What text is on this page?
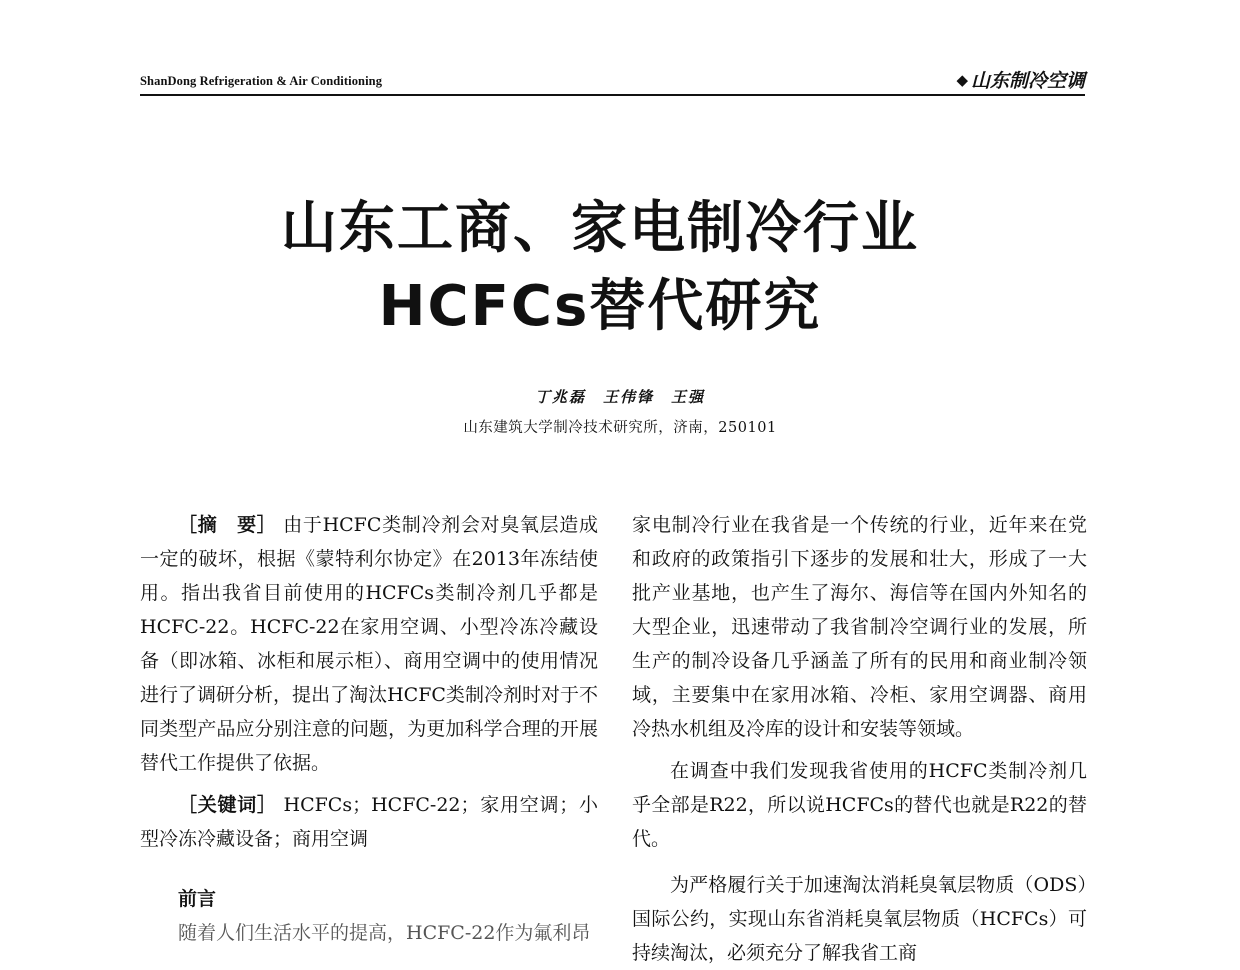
ShanDong Refrigeration & Air Conditioning	◆ 山东制冷空调
山东工商、家电制冷行业
HCFCs替代研究
丁兆磊　王伟锋　王强
山东建筑大学制冷技术研究所，济南，250101

［摘　要］ 由于HCFC类制冷剂会对臭氧层造成一定的破坏，根据《蒙特利尔协定》在2013年冻结使用。指出我省目前使用的HCFCs类制冷剂几乎都是HCFC-22。HCFC-22在家用空调、小型冷冻冷藏设备（即冰箱、冰柜和展示柜）、商用空调中的使用情况进行了调研分析，提出了淘汰HCFC类制冷剂时对于不同类型产品应分别注意的问题，为更加科学合理的开展替代工作提供了依据。

［关键词］ HCFCs；HCFC-22；家用空调；小型冷冻冷藏设备；商用空调

前言

随着人们生活水平的提高，HCFC-22作为氟利昂

家电制冷行业在我省是一个传统的行业，近年来在党和政府的政策指引下逐步的发展和壮大，形成了一大批产业基地，也产生了海尔、海信等在国内外知名的大型企业，迅速带动了我省制冷空调行业的发展，所生产的制冷设备几乎涵盖了所有的民用和商业制冷领域，主要集中在家用冰箱、冷柜、家用空调器、商用冷热水机组及冷库的设计和安装等领域。

在调查中我们发现我省使用的HCFC类制冷剂几乎全部是R22，所以说HCFCs的替代也就是R22的替代。

为严格履行关于加速淘汰消耗臭氧层物质（ODS）国际公约，实现山东省消耗臭氧层物质（HCFCs）可持续淘汰，必须充分了解我省工商
